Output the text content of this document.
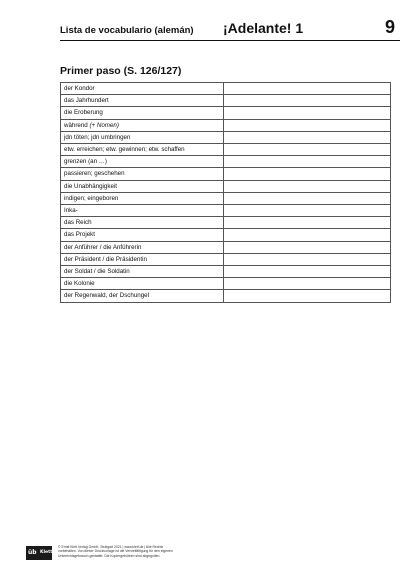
Lista de vocabulario (alemán) ¡Adelante! 1	9
Primer paso (S. 126/127)
der Kondor	
das Jahrhundert	
die Eroberung	
während (+ Nomen)	
jdn töten; jdn umbringen	
etw. erreichen; etw. gewinnen; etw. schaffen	
grenzen (an …)	
passieren; geschehen	
die Unabhängigkeit	
indigen; eingeboren	
Inka-	
das Reich	
das Projekt	
der Anführer / die Anführerin	
der Präsident / die Präsidentin	
der Soldat / die Soldatin	
die Kolonie	
der Regenwald, der Dschungel	
üb Klett
© Ernst Klett Verlag GmbH, Stuttgart 2021 | www.klett.de | Alle Rechte
vorbehalten. Von dieser Druckvorlage ist die Vervielfältigung für den eigenen
Unterrichtsgebrauch gestattet. Die Kopiergebühren sind abgegolten.
